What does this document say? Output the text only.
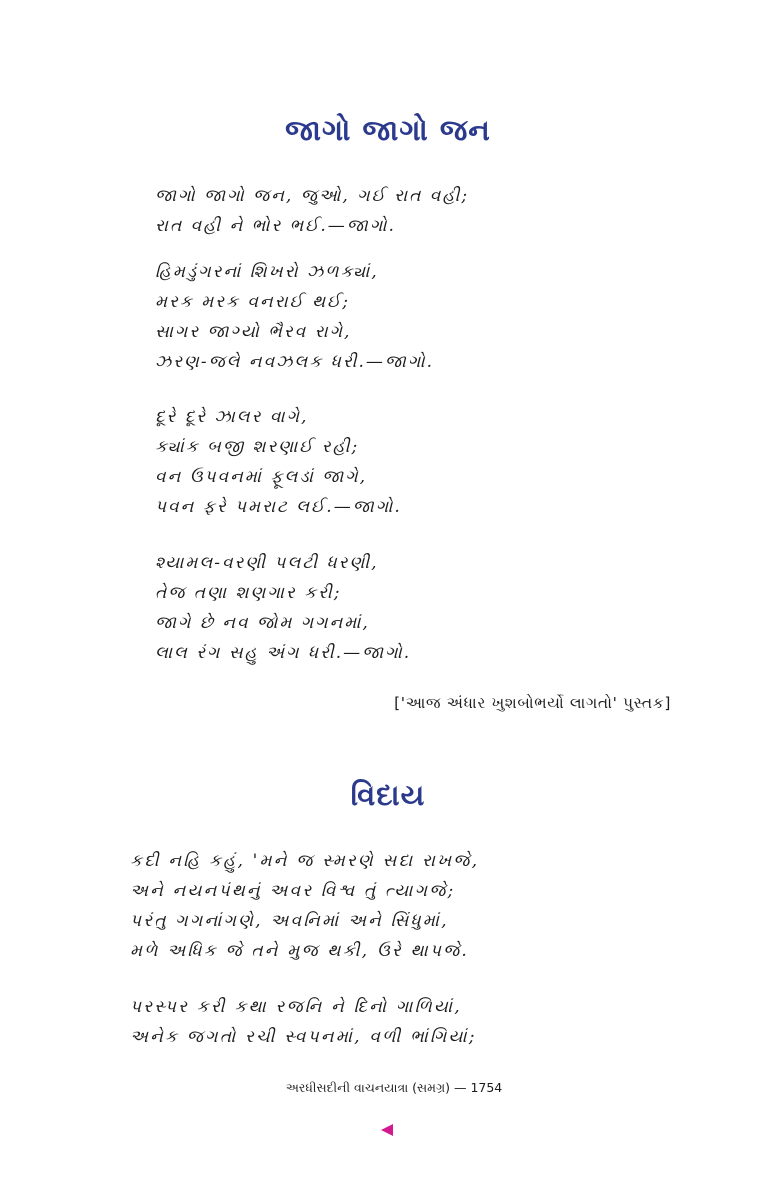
જાગો જાગો જન
જાગો જાગો જન, જુઓ, ગઈ રાત વહી;
રાત વહી ને ભોર ભઈ.—જાગો.
હિમડુંગરનાં શિખરો ઝળક્યાં,
મરક મરક વનરાઈ થઈ;
સાગર જાગ્યો ભૈરવ રાગે,
ઝરણ-જલે નવઝલક ધરી.—જાગો.
દૂરે દૂરે ઝાલર વાગે,
ક્યાંક બજી શરણાઈ રહી;
વન ઉપવનમાં ફૂલડાં જાગે,
પવન ફરે પમરાટ લઈ.—જાગો.
શ્યામલ-વરણી પલટી ધરણી,
તેજ તણા શણગાર કરી;
જાગે છે નવ જોમ ગગનમાં,
લાલ રંગ સહુ અંગ ધરી.—જાગો.
['આજ અંધાર ખુશબોભર્યો લાગતો' પુસ્તક]
વિદાય
કદી નહિ કહું, 'મને જ સ્મરણે સદા રાખજે,
અને નયનપંથનું અવર વિશ્વ તું ત્યાગજે;
પરંતુ ગગનાંગણે, અવનિમાં અને સિંધુમાં,
મળે અધિક જે તને મુજ થકી, ઉરે થાપજે.
પરસ્પર કરી કથા રજનિ ને દિનો ગાળિયાં,
અનેક જગતો રચી સ્વપનમાં, વળી ભાંગિયાં;
અરધીસદીની વાચનયાત્રા (સમગ્ર) — 1754
